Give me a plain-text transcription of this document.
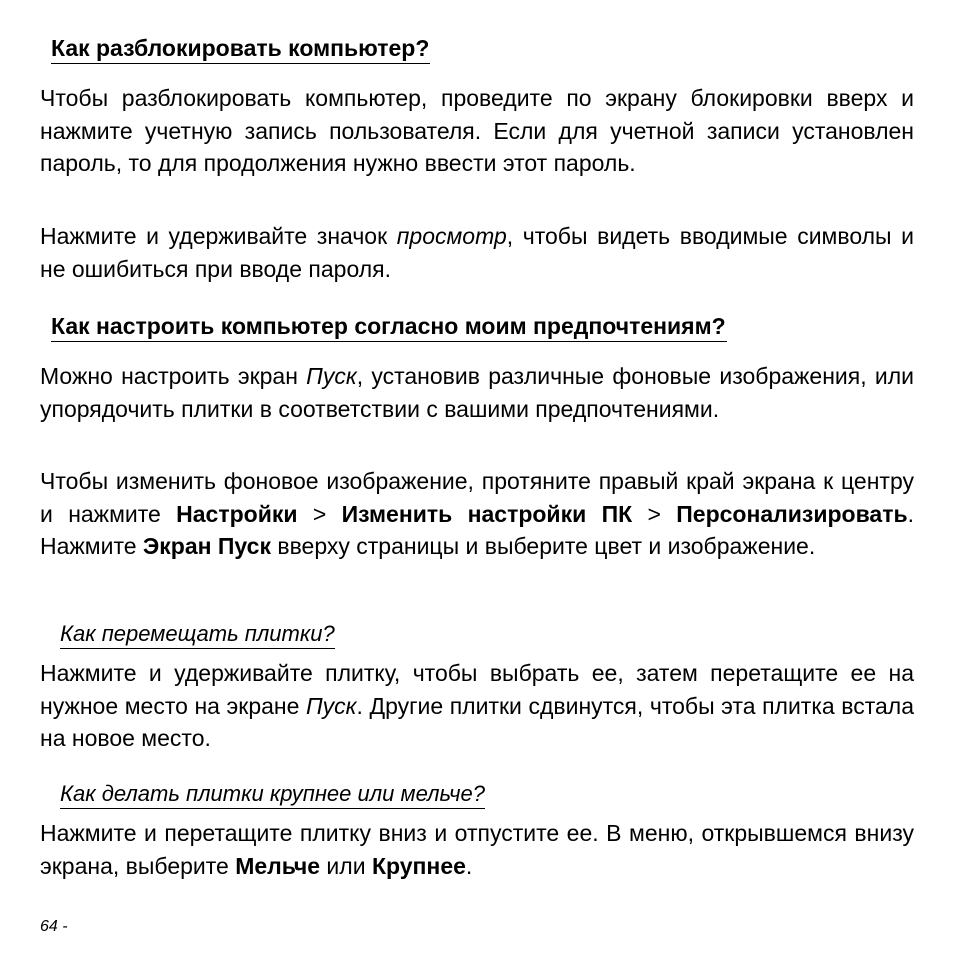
Как разблокировать компьютер?

Чтобы разблокировать компьютер, проведите по экрану блокировки вверх и нажмите учетную запись пользователя. Если для учетной записи установлен пароль, то для продолжения нужно ввести этот пароль.

Нажмите и удерживайте значок просмотр, чтобы видеть вводимые символы и не ошибиться при вводе пароля.

Как настроить компьютер согласно моим предпочтениям?

Можно настроить экран Пуск, установив различные фоновые изображения, или упорядочить плитки в соответствии с вашими предпочтениями.

Чтобы изменить фоновое изображение, протяните правый край экрана к центру и нажмите Настройки > Изменить настройки ПК > Персонализировать. Нажмите Экран Пуск вверху страницы и выберите цвет и изображение.

Как перемещать плитки?

Нажмите и удерживайте плитку, чтобы выбрать ее, затем перетащите ее на нужное место на экране Пуск. Другие плитки сдвинутся, чтобы эта плитка встала на новое место.

Как делать плитки крупнее или мельче?

Нажмите и перетащите плитку вниз и отпустите ее. В меню, открывшемся внизу экрана, выберите Мельче или Крупнее.

64 -
